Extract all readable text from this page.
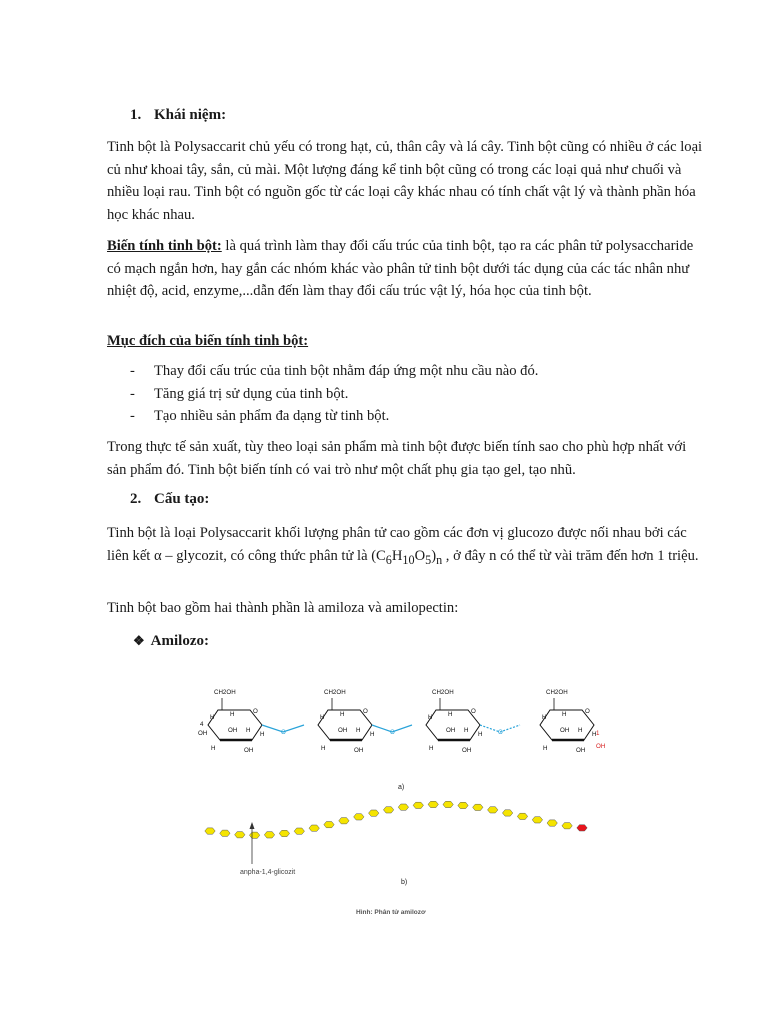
1. Khái niệm:

Tinh bột là Polysaccarit chủ yếu có trong hạt, củ, thân cây và lá cây. Tinh bột cũng có nhiều ở các loại củ như khoai tây, sắn, củ mài. Một lượng đáng kể tinh bột cũng có trong các loại quả như chuối và nhiều loại rau. Tinh bột có nguồn gốc từ các loại cây khác nhau có tính chất vật lý và thành phần hóa học khác nhau.

Biến tính tinh bột: là quá trình làm thay đổi cấu trúc của tinh bột, tạo ra các phân tử polysaccharide có mạch ngắn hơn, hay gắn các nhóm khác vào phân tử tinh bột dưới tác dụng của các tác nhân như nhiệt độ, acid, enzyme,...dẫn đến làm thay đổi cấu trúc vật lý, hóa học của tinh bột.

Mục đích của biến tính tinh bột:

- Thay đổi cấu trúc của tinh bột nhằm đáp ứng một nhu cầu nào đó.
- Tăng giá trị sử dụng của tinh bột.
- Tạo nhiều sản phẩm đa dạng từ tinh bột.

Trong thực tế sản xuất, tùy theo loại sản phẩm mà tinh bột được biến tính sao cho phù hợp nhất với sản phẩm đó. Tinh bột biến tính có vai trò như một chất phụ gia tạo gel, tạo nhũ.

2. Cấu tạo:

Tinh bột là loại Polysaccarit khối lượng phân tử cao gồm các đơn vị glucozo được nối nhau bởi các liên kết α – glycozit, có công thức phân tử là $(C_6H_{10}O_5)_n$ , ở đây n có thể từ vài trăm đến hơn 1 triệu.

Tinh bột bao gồm hai thành phần là amiloza và amilopectin:

❖ Amilozo:
CH2OH
O
H
OH H
H	OH
H
H
OH
4
CH2OH
O
H
OH H
H	OH
H
H
CH2OH
O
H
OH H
H	OH
H
H
CH2OH
O
H
OH H
H	OH
H
H 1
OH
O	O	O
a)
anpha-1,4-glicozit
b)
Hình: Phân tử amilozơ
